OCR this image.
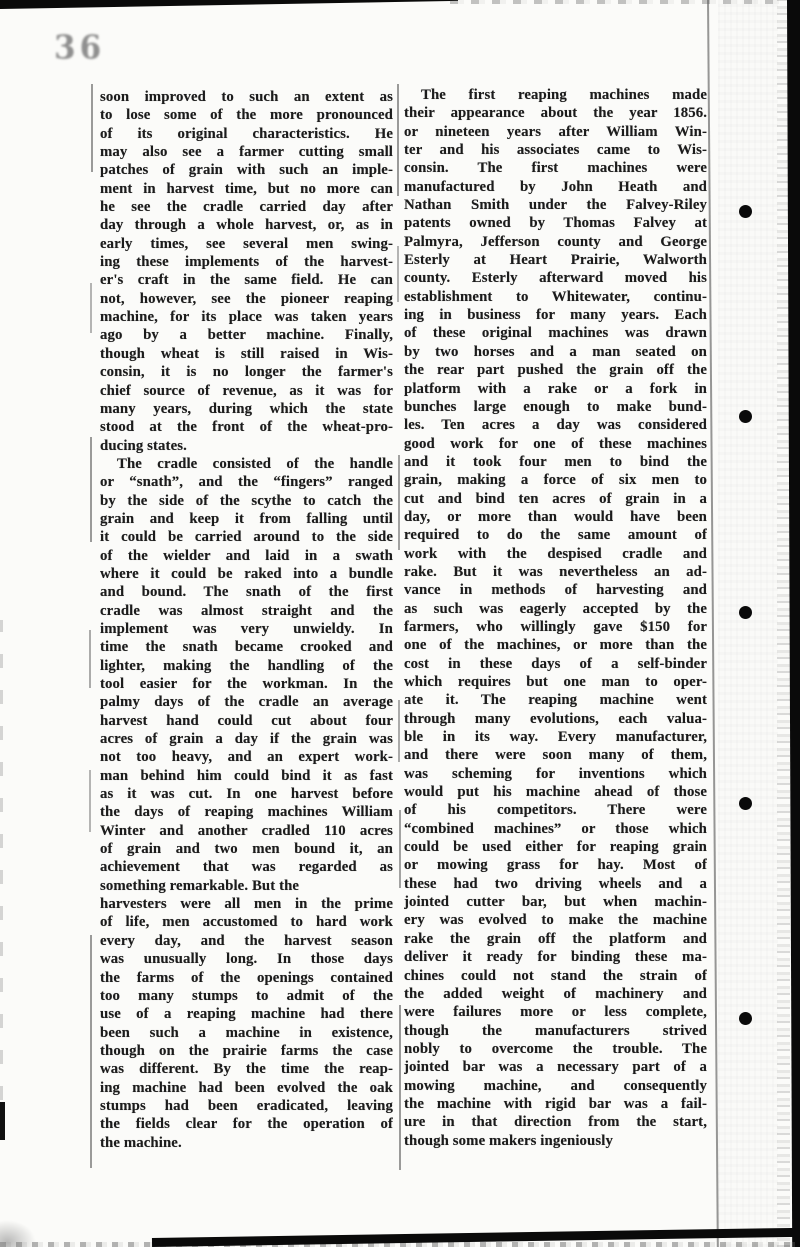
36
soon improved to such an extent as
to lose some of the more pronounced
of its original characteristics. He
may also see a farmer cutting small
patches of grain with such an imple-
ment in harvest time, but no more can
he see the cradle carried day after
day through a whole harvest, or, as in
early times, see several men swing-
ing these implements of the harvest-
er's craft in the same field. He can
not, however, see the pioneer reaping
machine, for its place was taken years
ago by a better machine. Finally,
though wheat is still raised in Wis-
consin, it is no longer the farmer's
chief source of revenue, as it was for
many years, during which the state
stood at the front of the wheat-pro-
ducing states.
The cradle consisted of the handle
or “snath”, and the “fingers” ranged
by the side of the scythe to catch the
grain and keep it from falling until
it could be carried around to the side
of the wielder and laid in a swath
where it could be raked into a bundle
and bound. The snath of the first
cradle was almost straight and the
implement was very unwieldy. In
time the snath became crooked and
lighter, making the handling of the
tool easier for the workman. In the
palmy days of the cradle an average
harvest hand could cut about four
acres of grain a day if the grain was
not too heavy, and an expert work-
man behind him could bind it as fast
as it was cut. In one harvest before
the days of reaping machines William
Winter and another cradled 110 acres
of grain and two men bound it, an
achievement that was regarded as
something remarkable. But the
harvesters were all men in the prime
of life, men accustomed to hard work
every day, and the harvest season
was unusually long. In those days
the farms of the openings contained
too many stumps to admit of the
use of a reaping machine had there
been such a machine in existence,
though on the prairie farms the case
was different. By the time the reap-
ing machine had been evolved the oak
stumps had been eradicated, leaving
the fields clear for the operation of
the machine.
The first reaping machines made
their appearance about the year 1856.
or nineteen years after William Win-
ter and his associates came to Wis-
consin. The first machines were
manufactured by John Heath and
Nathan Smith under the Falvey-Riley
patents owned by Thomas Falvey at
Palmyra, Jefferson county and George
Esterly at Heart Prairie, Walworth
county. Esterly afterward moved his
establishment to Whitewater, continu-
ing in business for many years. Each
of these original machines was drawn
by two horses and a man seated on
the rear part pushed the grain off the
platform with a rake or a fork in
bunches large enough to make bund-
les. Ten acres a day was considered
good work for one of these machines
and it took four men to bind the
grain, making a force of six men to
cut and bind ten acres of grain in a
day, or more than would have been
required to do the same amount of
work with the despised cradle and
rake. But it was nevertheless an ad-
vance in methods of harvesting and
as such was eagerly accepted by the
farmers, who willingly gave $150 for
one of the machines, or more than the
cost in these days of a self-binder
which requires but one man to oper-
ate it. The reaping machine went
through many evolutions, each valua-
ble in its way. Every manufacturer,
and there were soon many of them,
was scheming for inventions which
would put his machine ahead of those
of his competitors. There were
“combined machines” or those which
could be used either for reaping grain
or mowing grass for hay. Most of
these had two driving wheels and a
jointed cutter bar, but when machin-
ery was evolved to make the machine
rake the grain off the platform and
deliver it ready for binding these ma-
chines could not stand the strain of
the added weight of machinery and
were failures more or less complete,
though the manufacturers strived
nobly to overcome the trouble. The
jointed bar was a necessary part of a
mowing machine, and consequently
the machine with rigid bar was a fail-
ure in that direction from the start,
though some makers ingeniously
